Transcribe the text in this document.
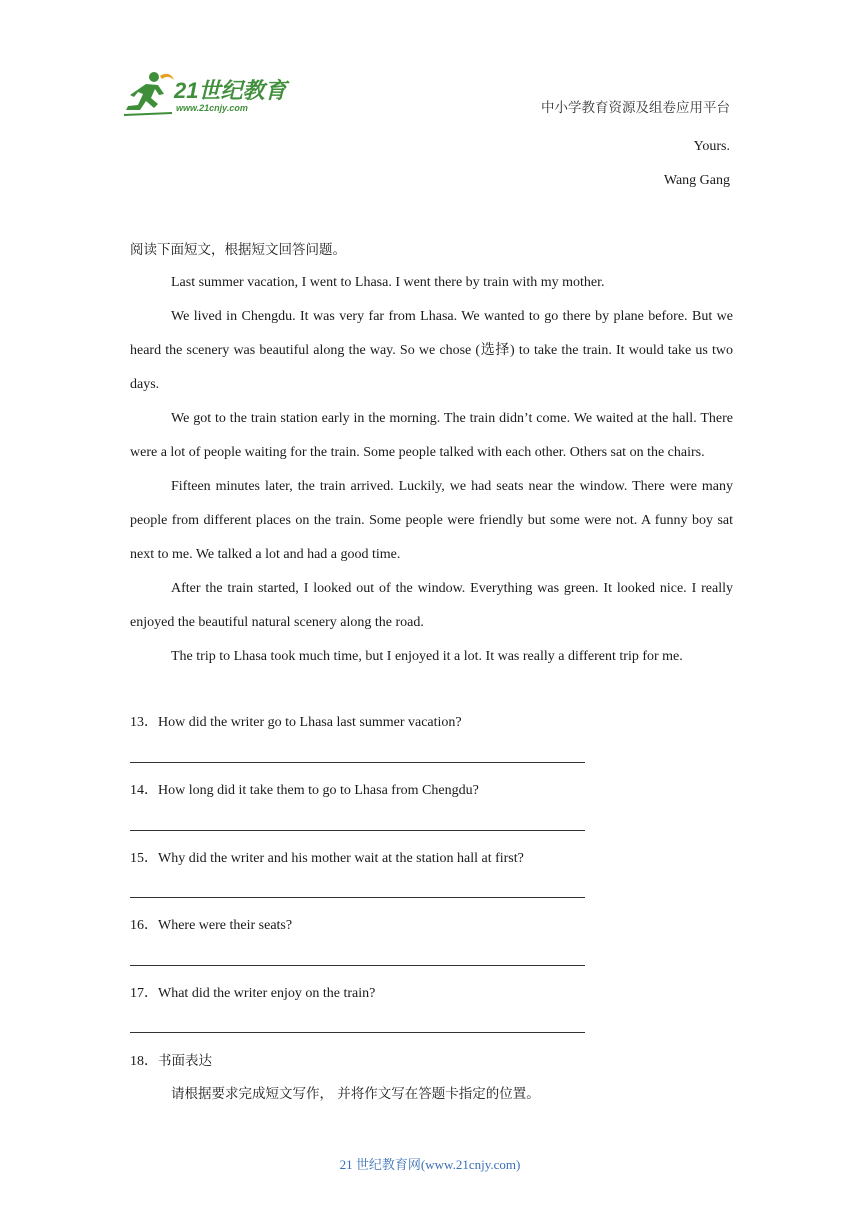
21世纪教育
www.21cnjy.com	中小学教育资源及组卷应用平台
Yours.
Wang Gang
阅读下面短文，根据短文回答问题。

Last summer vacation, I went to Lhasa. I went there by train with my mother.

We lived in Chengdu. It was very far from Lhasa. We wanted to go there by plane before. But we heard the scenery was beautiful along the way. So we chose (选择) to take the train. It would take us two days.

We got to the train station early in the morning. The train didn’t come. We waited at the hall. There were a lot of people waiting for the train. Some people talked with each other. Others sat on the chairs.

Fifteen minutes later, the train arrived. Luckily, we had seats near the window. There were many people from different places on the train. Some people were friendly but some were not. A funny boy sat next to me. We talked a lot and had a good time.

After the train started, I looked out of the window. Everything was green. It looked nice. I really enjoyed the beautiful natural scenery along the road.

The trip to Lhasa took much time, but I enjoyed it a lot. It was really a different trip for me.

13．How did the writer go to Lhasa last summer vacation?
14．How long did it take them to go to Lhasa from Chengdu?
15．Why did the writer and his mother wait at the station hall at first?
16．Where were their seats?
17．What did the writer enjoy on the train?
18．书面表达
请根据要求完成短文写作， 并将作文写在答题卡指定的位置。
21 世纪教育网(www.21cnjy.com)
